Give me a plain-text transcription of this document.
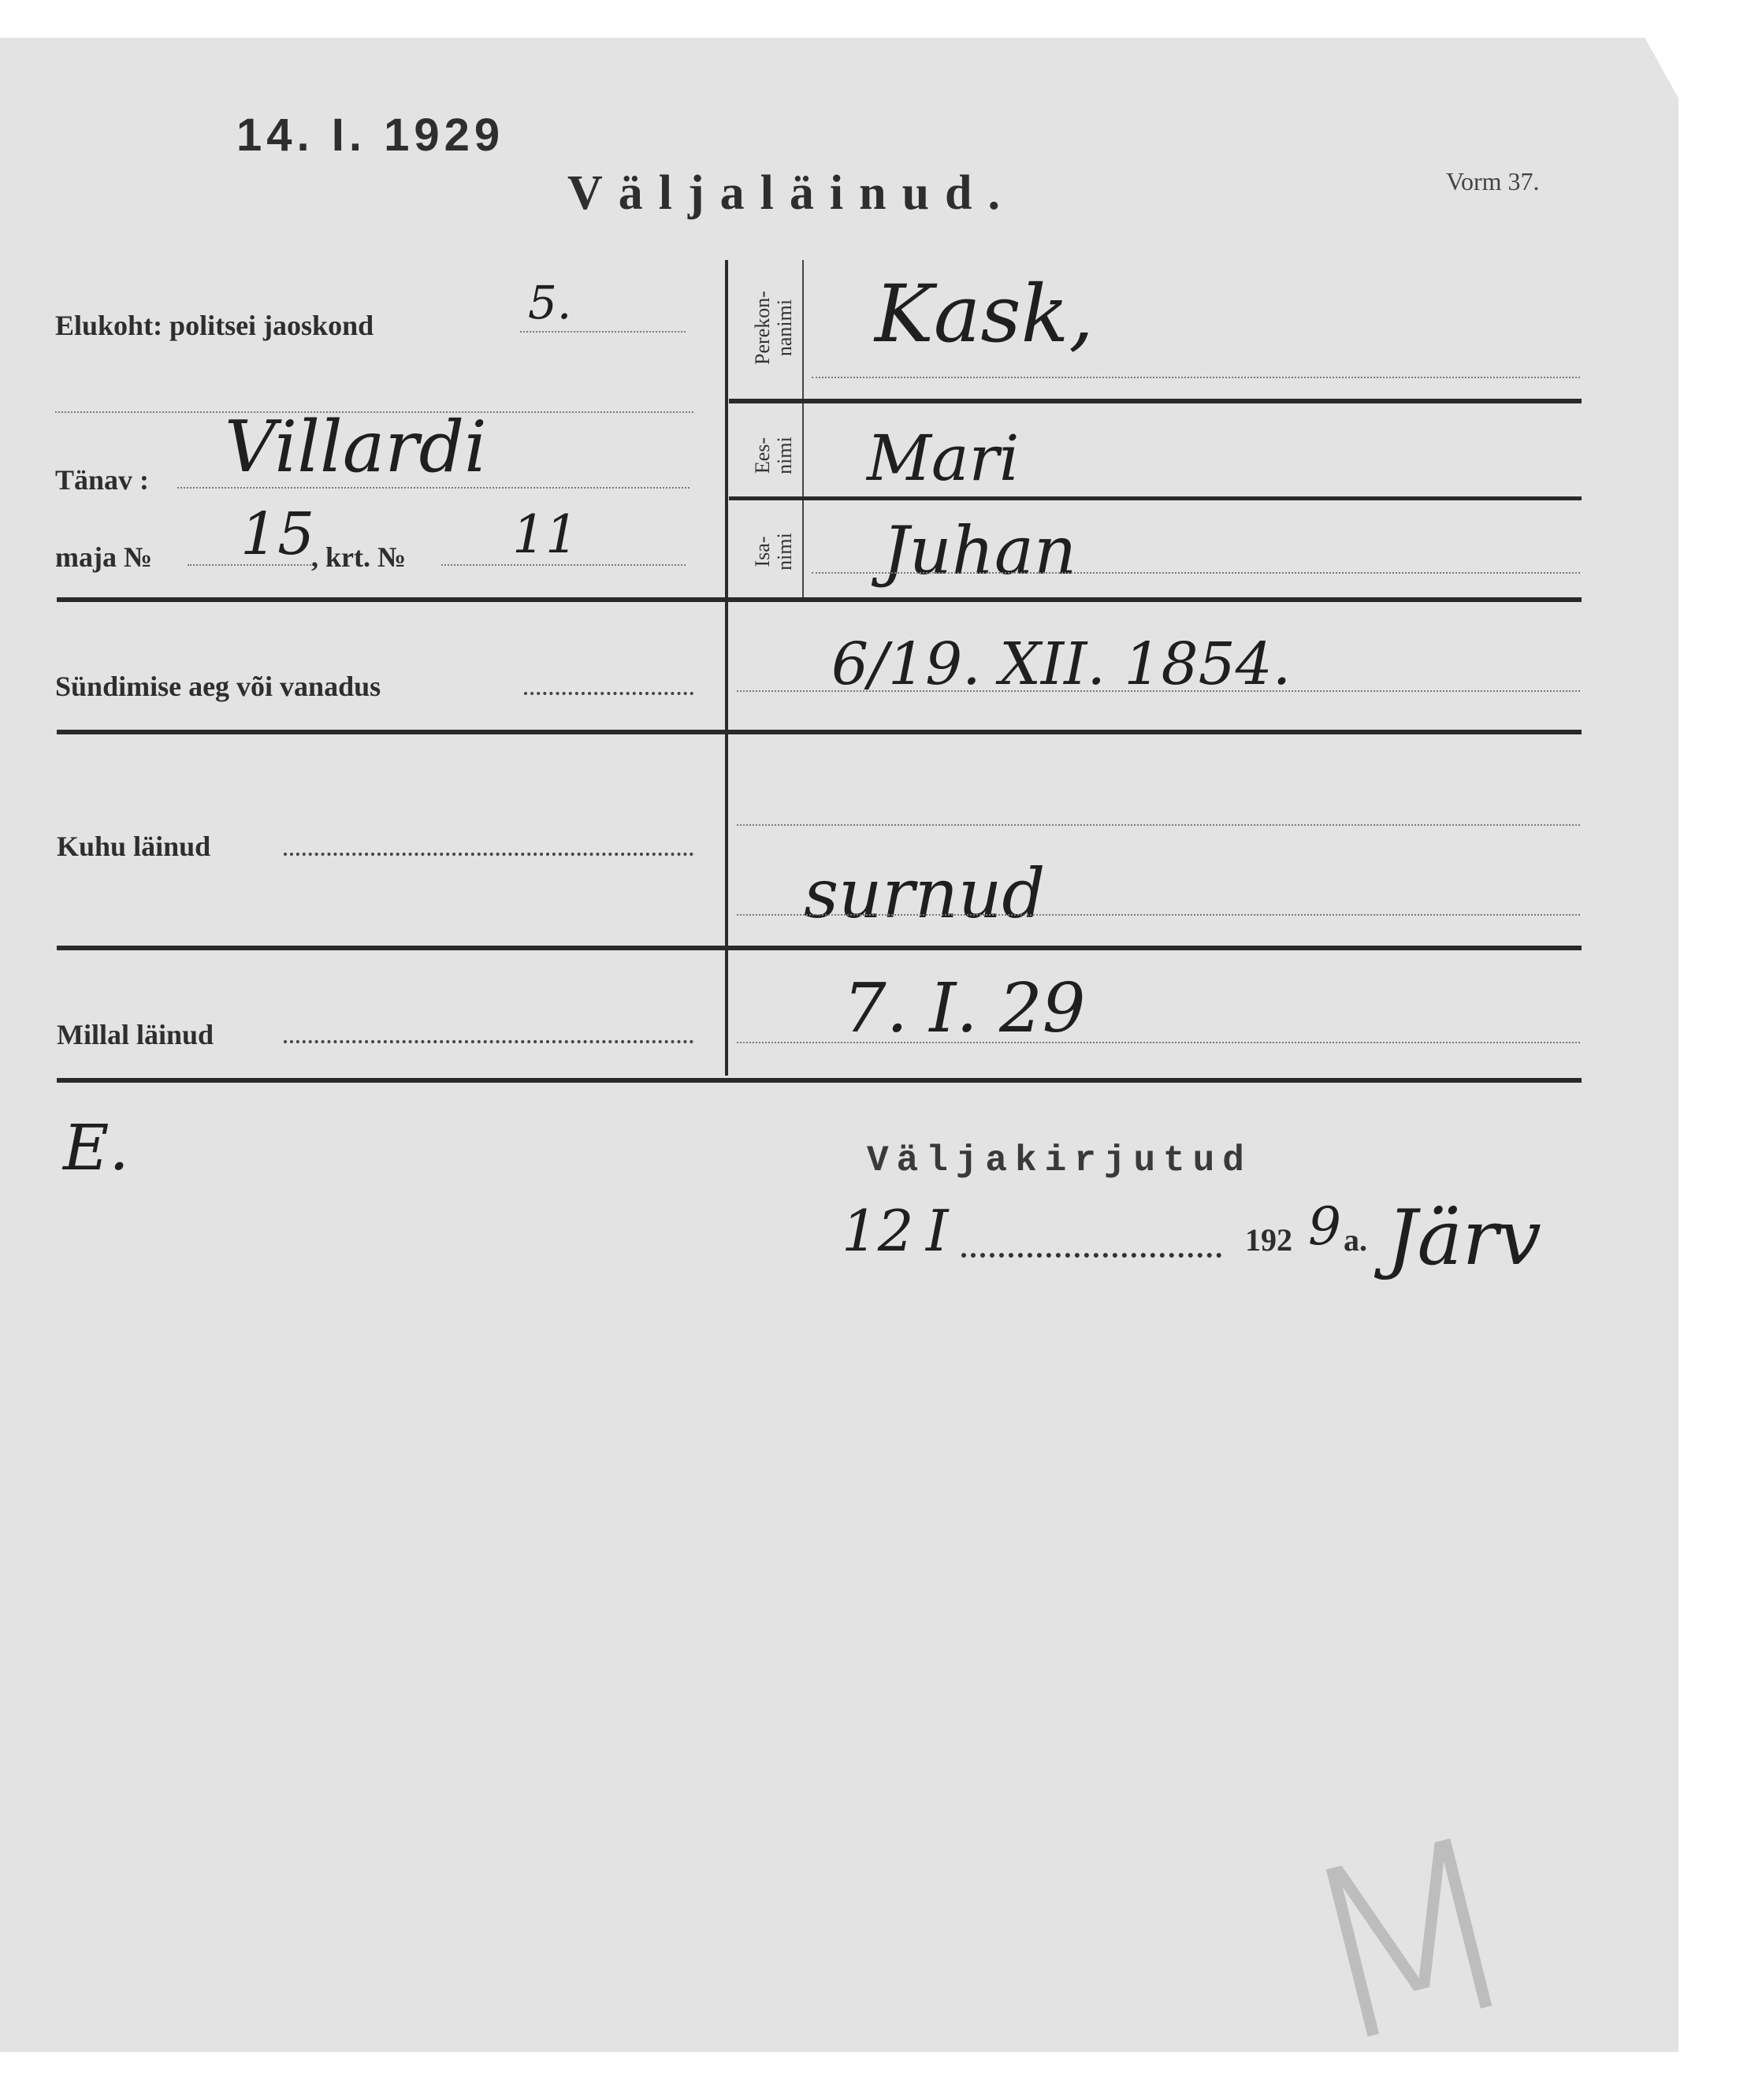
14. I. 1929
Väljaläinud.	Vorm 37.
Elukoht: politsei jaoskond	5.
Tänav : Villardi
maja № 15
, krt. № 11
Perekon-
nanimi Kask,
Ees-
nimi Mari
Isa-
nimi Juhan
Sündimise aeg või vanadus	6/19. XII. 1854.
Kuhu läinud
surnud
Millal läinud	7. I. 29
E.	Väljakirjutud
12 I	192 9 a. Järv
M
